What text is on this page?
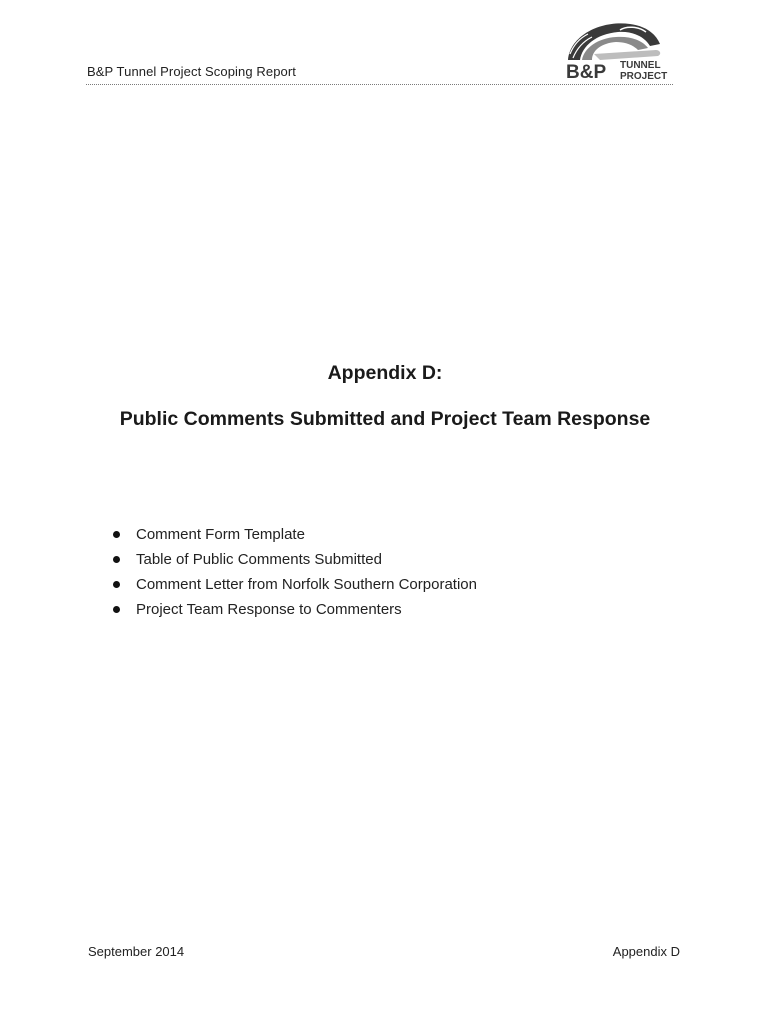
B&P Tunnel Project Scoping Report	B&P TUNNEL
PROJECT

Appendix D:

Public Comments Submitted and Project Team Response

Comment Form Template
Table of Public Comments Submitted
Comment Letter from Norfolk Southern Corporation
Project Team Response to Commenters
September 2014	Appendix D
